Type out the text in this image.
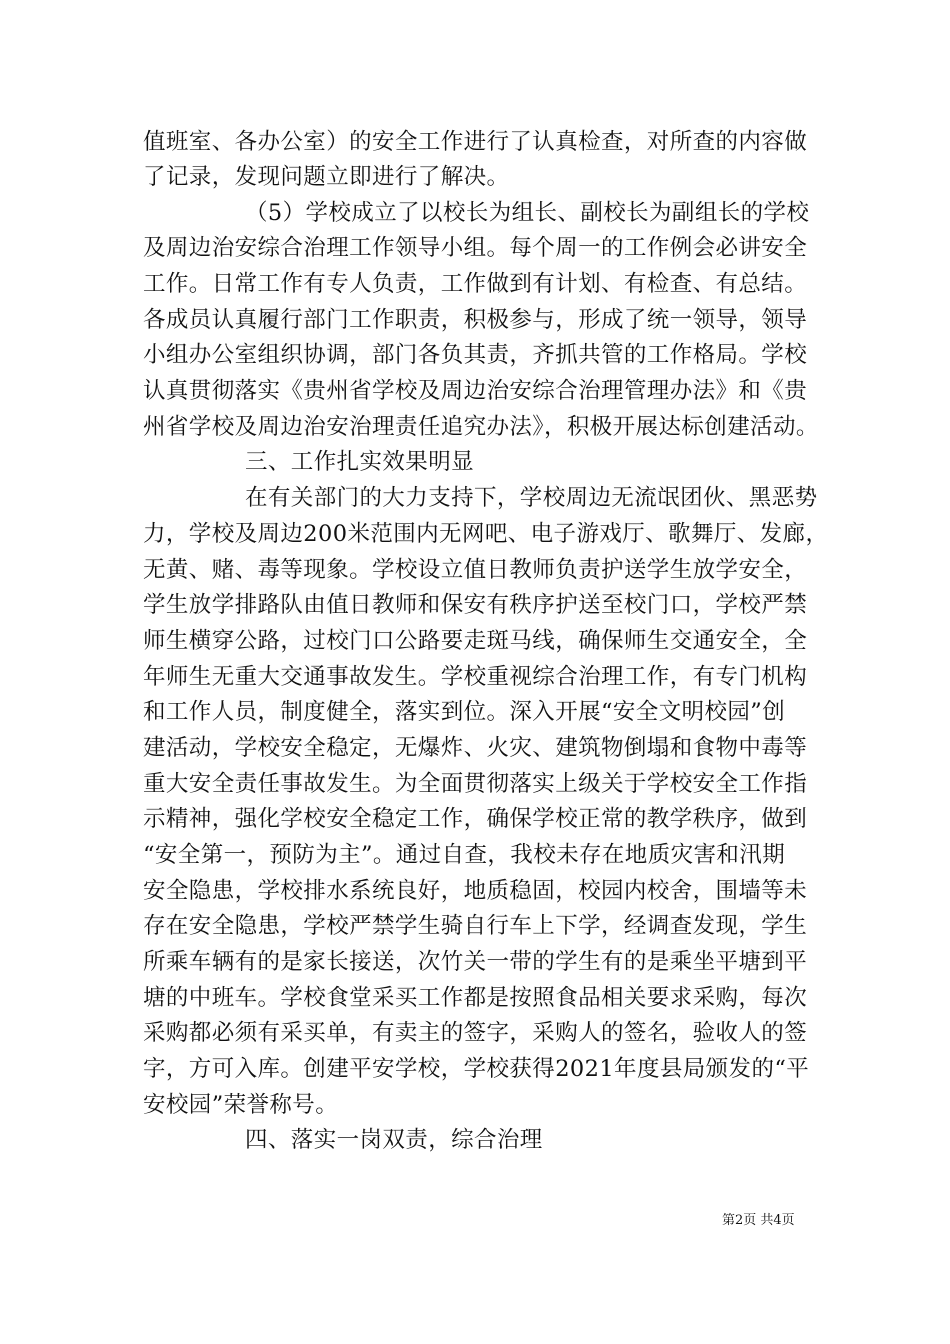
值班室、各办公室）的安全工作进行了认真检查，对所查的内容做
了记录，发现问题立即进行了解决。
（5）学校成立了以校长为组长、副校长为副组长的学校
及周边治安综合治理工作领导小组。每个周一的工作例会必讲安全
工作。日常工作有专人负责，工作做到有计划、有检查、有总结。
各成员认真履行部门工作职责，积极参与，形成了统一领导，领导
小组办公室组织协调，部门各负其责，齐抓共管的工作格局。学校
认真贯彻落实《贵州省学校及周边治安综合治理管理办法》和《贵
州省学校及周边治安治理责任追究办法》，积极开展达标创建活动。
三、工作扎实效果明显
在有关部门的大力支持下，学校周边无流氓团伙、黑恶势
力，学校及周边200米范围内无网吧、电子游戏厅、歌舞厅、发廊，
无黄、赌、毒等现象。学校设立值日教师负责护送学生放学安全，
学生放学排路队由值日教师和保安有秩序护送至校门口，学校严禁
师生横穿公路，过校门口公路要走斑马线，确保师生交通安全，全
年师生无重大交通事故发生。学校重视综合治理工作，有专门机构
和工作人员，制度健全，落实到位。深入开展“安全文明校园”创
建活动，学校安全稳定，无爆炸、火灾、建筑物倒塌和食物中毒等
重大安全责任事故发生。为全面贯彻落实上级关于学校安全工作指
示精神，强化学校安全稳定工作，确保学校正常的教学秩序，做到
“安全第一，预防为主”。通过自查，我校未存在地质灾害和汛期
安全隐患，学校排水系统良好，地质稳固，校园内校舍，围墙等未
存在安全隐患，学校严禁学生骑自行车上下学，经调查发现，学生
所乘车辆有的是家长接送，次竹关一带的学生有的是乘坐平塘到平
塘的中班车。学校食堂采买工作都是按照食品相关要求采购，每次
采购都必须有采买单，有卖主的签字，采购人的签名，验收人的签
字，方可入库。创建平安学校，学校获得2021年度县局颁发的“平
安校园”荣誉称号。
四、落实一岗双责，综合治理
第2页 共4页
